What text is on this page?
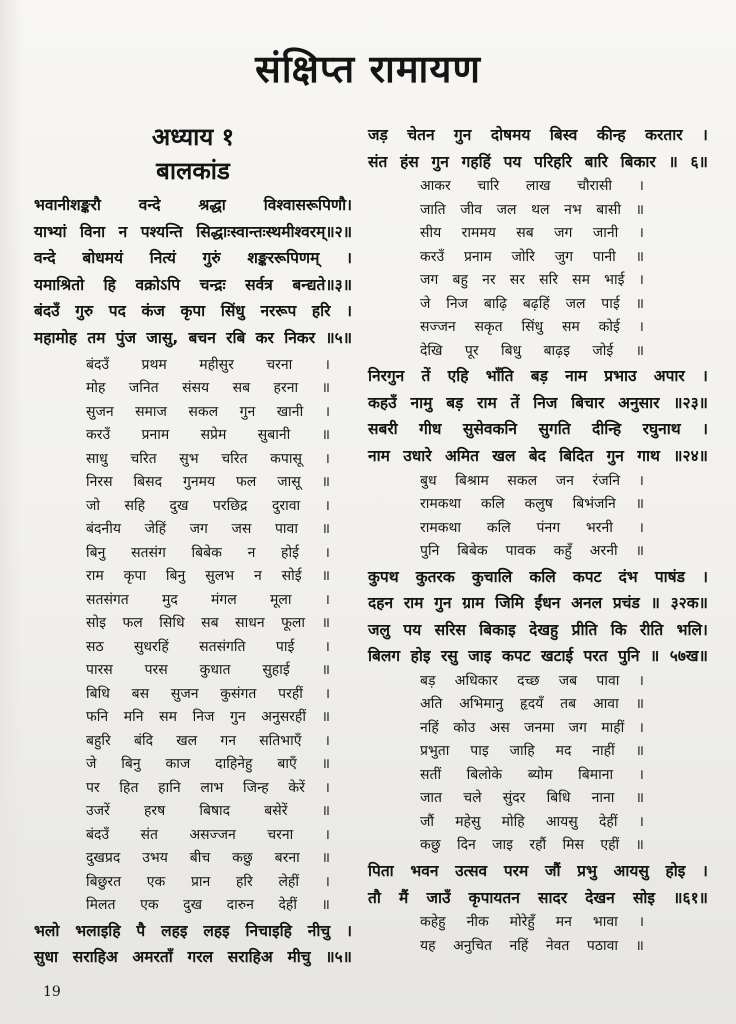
संक्षिप्त रामायण
अध्याय १
बालकांड
भवानीशङ्करौ वन्दे श्रद्धा विश्वासरूपिणौ।
याभ्यां विना न पश्यन्ति सिद्धाःस्वान्तःस्थमीश्वरम्॥२॥
वन्दे बोधमयं नित्यं गुरुं शङ्कररूपिणम् ।
यमाश्रितो हि वक्रोऽपि चन्द्रः सर्वत्र बन्द्यते॥३॥
बंदउँ गुरु पद कंज कृपा सिंधु नररूप हरि ।
महामोह तम पुंज जासु, बचन रबि कर निकर ॥५॥
बंदउँ प्रथम महीसुर चरना ।
मोह जनित संसय सब हरना ॥
सुजन समाज सकल गुन खानी ।
करउँ प्रनाम सप्रेम सुबानी ॥
साधु चरित सुभ चरित कपासू ।
निरस बिसद गुनमय फल जासू ॥
जो सहि दुख परछिद्र दुरावा ।
बंदनीय जेहिं जग जस पावा ॥
बिनु सतसंग बिबेक न होई ।
राम कृपा बिनु सुलभ न सोई ॥
सतसंगत मुद मंगल मूला ।
सोइ फल सिधि सब साधन फूला ॥
सठ सुधरहिं सतसंगति पाई ।
पारस परस कुधात सुहाई ॥
बिधि बस सुजन कुसंगत परहीं ।
फनि मनि सम निज गुन अनुसरहीं ॥
बहुरि बंदि खल गन सतिभाएँ ।
जे बिनु काज दाहिनेहु बाएँ ॥
पर हित हानि लाभ जिन्ह केरें ।
उजरें हरष बिषाद बसेरें ॥
बंदउँ संत असज्जन चरना ।
दुखप्रद उभय बीच कछु बरना ॥
बिछुरत एक प्रान हरि लेहीं ।
मिलत एक दुख दारुन देहीं ॥
भलो भलाइहि पै लहइ लहइ निचाइहि नीचु ।
सुधा सराहिअ अमरताँ गरल सराहिअ मीचु ॥५॥
जड़ चेतन गुन दोषमय बिस्व कीन्ह करतार ।
संत हंस गुन गहहिं पय परिहरि बारि बिकार ॥ ६॥
आकर चारि लाख चौरासी ।
जाति जीव जल थल नभ बासी ॥
सीय राममय सब जग जानी ।
करउँ प्रनाम जोरि जुग पानी ॥
जग बहु नर सर सरि सम भाई ।
जे निज बाढ़ि बढ़हिं जल पाई ॥
सज्जन सकृत सिंधु सम कोई ।
देखि पूर बिधु बाढ़इ जोई ॥
निरगुन तें एहि भाँति बड़ नाम प्रभाउ अपार ।
कहउँ नामु बड़ राम तें निज बिचार अनुसार ॥२३॥
सबरी गीध सुसेवकनि सुगति दीन्हि रघुनाथ ।
नाम उधारे अमित खल बेद बिदित गुन गाथ ॥२४॥
बुध बिश्राम सकल जन रंजनि ।
रामकथा कलि कलुष बिभंजनि ॥
रामकथा कलि पंनग भरनी ।
पुनि बिबेक पावक कहुँ अरनी ॥
कुपथ कुतरक कुचालि कलि कपट दंभ पाषंड ।
दहन राम गुन ग्राम जिमि ईंधन अनल प्रचंड ॥ ३२क॥
जलु पय सरिस बिकाइ देखहु प्रीति कि रीति भलि।
बिलग होइ रसु जाइ कपट खटाई परत पुनि ॥ ५७ख॥
बड़ अधिकार दच्छ जब पावा ।
अति अभिमानु हृदयँ तब आवा ॥
नहिं कोउ अस जनमा जग माहीं ।
प्रभुता पाइ जाहि मद नाहीं ॥
सतीं बिलोके ब्योम बिमाना ।
जात चले सुंदर बिधि नाना ॥
जौं महेसु मोहि आयसु देहीं ।
कछु दिन जाइ रहौं मिस एहीं ॥
पिता भवन उत्सव परम जौं प्रभु आयसु होइ ।
तौ मैं जाउँ कृपायतन सादर देखन सोइ ॥६१॥
कहेहु नीक मोरेहुँ मन भावा ।
यह अनुचित नहिं नेवत पठावा ॥
19
